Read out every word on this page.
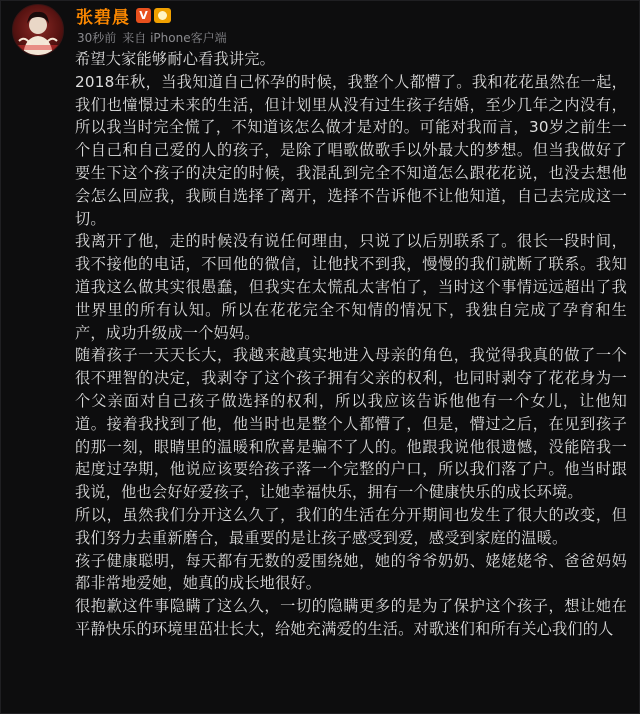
张碧晨 V
30秒前 来自 iPhone客户端

希望大家能够耐心看我讲完。

2018年秋，当我知道自己怀孕的时候，我整个人都懵了。我和花花虽然在一起，我们也憧憬过未来的生活，但计划里从没有过生孩子结婚，至少几年之内没有，所以我当时完全慌了，不知道该怎么做才是对的。可能对我而言，30岁之前生一个自己和自己爱的人的孩子，是除了唱歌做歌手以外最大的梦想。但当我做好了要生下这个孩子的决定的时候，我混乱到完全不知道怎么跟花花说，也没去想他会怎么回应我，我顾自选择了离开，选择不告诉他不让他知道，自己去完成这一切。

我离开了他，走的时候没有说任何理由，只说了以后别联系了。很长一段时间，我不接他的电话，不回他的微信，让他找不到我，慢慢的我们就断了联系。我知道我这么做其实很愚蠢，但我实在太慌乱太害怕了，当时这个事情远远超出了我世界里的所有认知。所以在花花完全不知情的情况下，我独自完成了孕育和生产，成功升级成一个妈妈。

随着孩子一天天长大，我越来越真实地进入母亲的角色，我觉得我真的做了一个很不理智的决定，我剥夺了这个孩子拥有父亲的权利，也同时剥夺了花花身为一个父亲面对自己孩子做选择的权利，所以我应该告诉他他有一个女儿，让他知道。接着我找到了他，他当时也是整个人都懵了，但是，懵过之后，在见到孩子的那一刻，眼睛里的温暖和欣喜是骗不了人的。他跟我说他很遗憾，没能陪我一起度过孕期，他说应该要给孩子落一个完整的户口，所以我们落了户。他当时跟我说，他也会好好爱孩子，让她幸福快乐，拥有一个健康快乐的成长环境。

所以，虽然我们分开这么久了，我们的生活在分开期间也发生了很大的改变，但我们努力去重新磨合，最重要的是让孩子感受到爱，感受到家庭的温暖。

孩子健康聪明，每天都有无数的爱围绕她，她的爷爷奶奶、姥姥姥爷、爸爸妈妈都非常地爱她，她真的成长地很好。

很抱歉这件事隐瞒了这么久，一切的隐瞒更多的是为了保护这个孩子，想让她在平静快乐的环境里茁壮长大，给她充满爱的生活。对歌迷们和所有关心我们的人
